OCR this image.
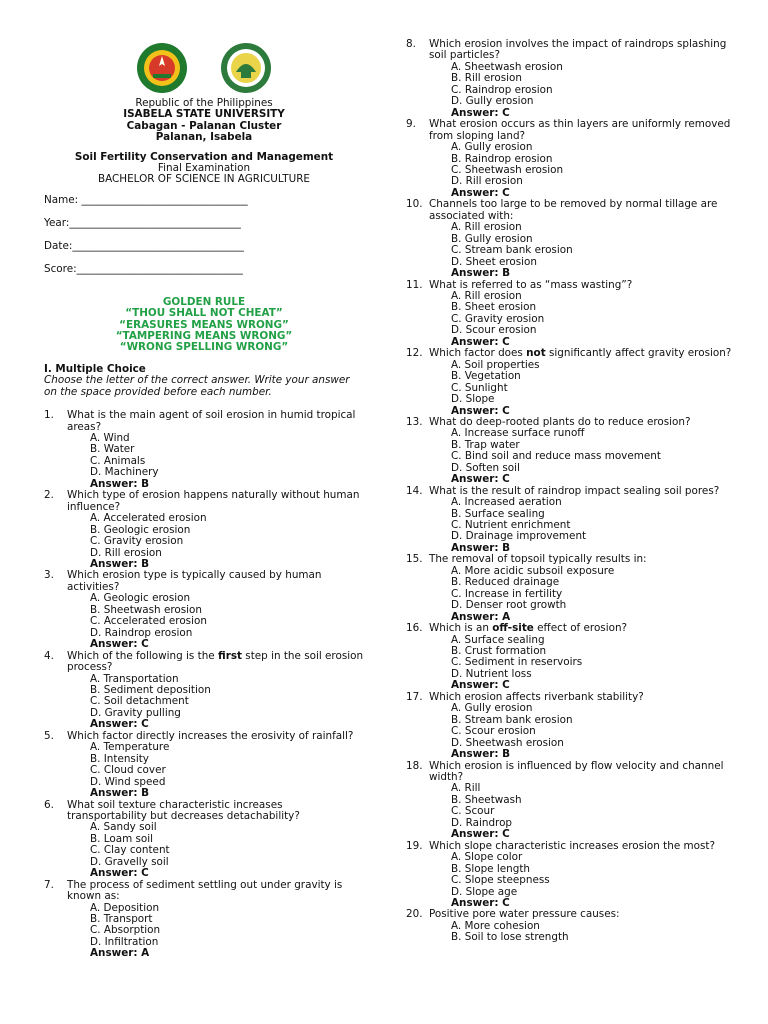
Republic of the Philippines
ISABELA STATE UNIVERSITY
Cabagan - Palanan Cluster
Palanan, Isabela
Soil Fertility Conservation and Management
Final Examination
BACHELOR OF SCIENCE IN AGRICULTURE
Name: ________________________________
Year:_________________________________
Date:_________________________________
Score:________________________________
GOLDEN RULE
“THOU SHALL NOT CHEAT”
“ERASURES MEANS WRONG”
“TAMPERING MEANS WRONG”
“WRONG SPELLING WRONG”
I. Multiple Choice
Choose the letter of the correct answer. Write your answer on the space provided before each number.
1.	What is the main agent of soil erosion in humid tropical areas?
A. Wind
B. Water
C. Animals
D. Machinery
Answer: B
2.	Which type of erosion happens naturally without human influence?
A. Accelerated erosion
B. Geologic erosion
C. Gravity erosion
D. Rill erosion
Answer: B
3.	Which erosion type is typically caused by human activities?
A. Geologic erosion
B. Sheetwash erosion
C. Accelerated erosion
D. Raindrop erosion
Answer: C
4.	Which of the following is the first step in the soil erosion process?
A. Transportation
B. Sediment deposition
C. Soil detachment
D. Gravity pulling
Answer: C
5.	Which factor directly increases the erosivity of rainfall?
A. Temperature
B. Intensity
C. Cloud cover
D. Wind speed
Answer: B
6.	What soil texture characteristic increases transportability but decreases detachability?
A. Sandy soil
B. Loam soil
C. Clay content
D. Gravelly soil
Answer: C
7.	The process of sediment settling out under gravity is known as:
A. Deposition
B. Transport
C. Absorption
D. Infiltration
Answer: A
8.	Which erosion involves the impact of raindrops splashing soil particles?
A. Sheetwash erosion
B. Rill erosion
C. Raindrop erosion
D. Gully erosion
Answer: C
9.	What erosion occurs as thin layers are uniformly removed from sloping land?
A. Gully erosion
B. Raindrop erosion
C. Sheetwash erosion
D. Rill erosion
Answer: C
10. Channels too large to be removed by normal tillage are associated with:
A. Rill erosion
B. Gully erosion
C. Stream bank erosion
D. Sheet erosion
Answer: B
11. What is referred to as “mass wasting”?
A. Rill erosion
B. Sheet erosion
C. Gravity erosion
D. Scour erosion
Answer: C
12. Which factor does not significantly affect gravity erosion?
A. Soil properties
B. Vegetation
C. Sunlight
D. Slope
Answer: C
13. What do deep-rooted plants do to reduce erosion?
A. Increase surface runoff
B. Trap water
C. Bind soil and reduce mass movement
D. Soften soil
Answer: C
14. What is the result of raindrop impact sealing soil pores?
A. Increased aeration
B. Surface sealing
C. Nutrient enrichment
D. Drainage improvement
Answer: B
15. The removal of topsoil typically results in:
A. More acidic subsoil exposure
B. Reduced drainage
C. Increase in fertility
D. Denser root growth
Answer: A
16. Which is an off-site effect of erosion?
A. Surface sealing
B. Crust formation
C. Sediment in reservoirs
D. Nutrient loss
Answer: C
17. Which erosion affects riverbank stability?
A. Gully erosion
B. Stream bank erosion
C. Scour erosion
D. Sheetwash erosion
Answer: B
18. Which erosion is influenced by flow velocity and channel width?
A. Rill
B. Sheetwash
C. Scour
D. Raindrop
Answer: C
19. Which slope characteristic increases erosion the most?
A. Slope color
B. Slope length
C. Slope steepness
D. Slope age
Answer: C
20. Positive pore water pressure causes:
A. More cohesion
B. Soil to lose strength
